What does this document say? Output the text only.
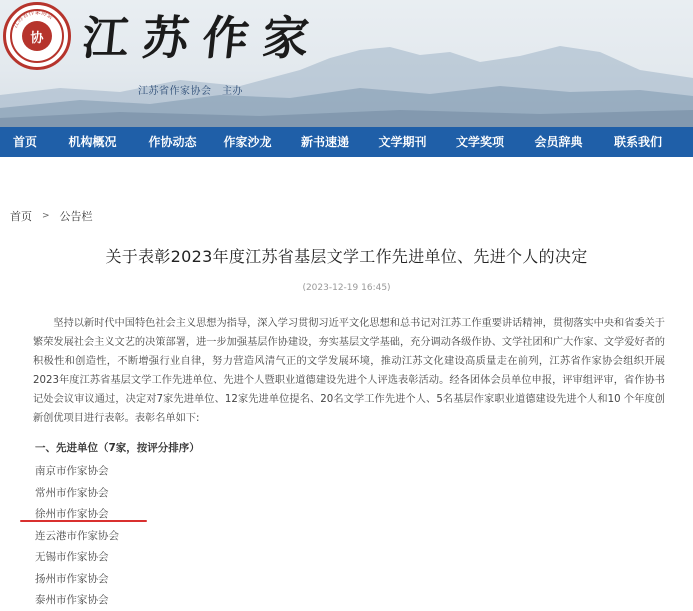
江苏省作家协会
协 江苏作家
江苏省作家协会　主办
首页	机构概况	作协动态	作家沙龙	新书速递	文学期刊	文学奖项	会员辞典	联系我们
首页 > 公告栏
关于表彰2023年度江苏省基层文学工作先进单位、先进个人的决定
(2023-12-19 16:45)
坚持以新时代中国特色社会主义思想为指导，深入学习贯彻习近平文化思想和总书记对江苏工作重要讲话精神，贯彻落实中央和省委关于繁荣发展社会主义文艺的决策部署，进一步加强基层作协建设，夯实基层文学基础，充分调动各级作协、文学社团和广大作家、文学爱好者的积极性和创造性，不断增强行业自律，努力营造风清气正的文学发展环境，推动江苏文化建设高质量走在前列，江苏省作家协会组织开展2023年度江苏省基层文学工作先进单位、先进个人暨职业道德建设先进个人评选表彰活动。经各团体会员单位申报，评审组评审，省作协书记处会议审议通过，决定对7家先进单位、12家先进单位提名、20名文学工作先进个人、5名基层作家职业道德建设先进个人和10 个年度创新创优项目进行表彰。表彰名单如下:
一、先进单位（7家，按评分排序）
南京市作家协会
常州市作家协会
徐州市作家协会
连云港市作家协会
无锡市作家协会
扬州市作家协会
泰州市作家协会
